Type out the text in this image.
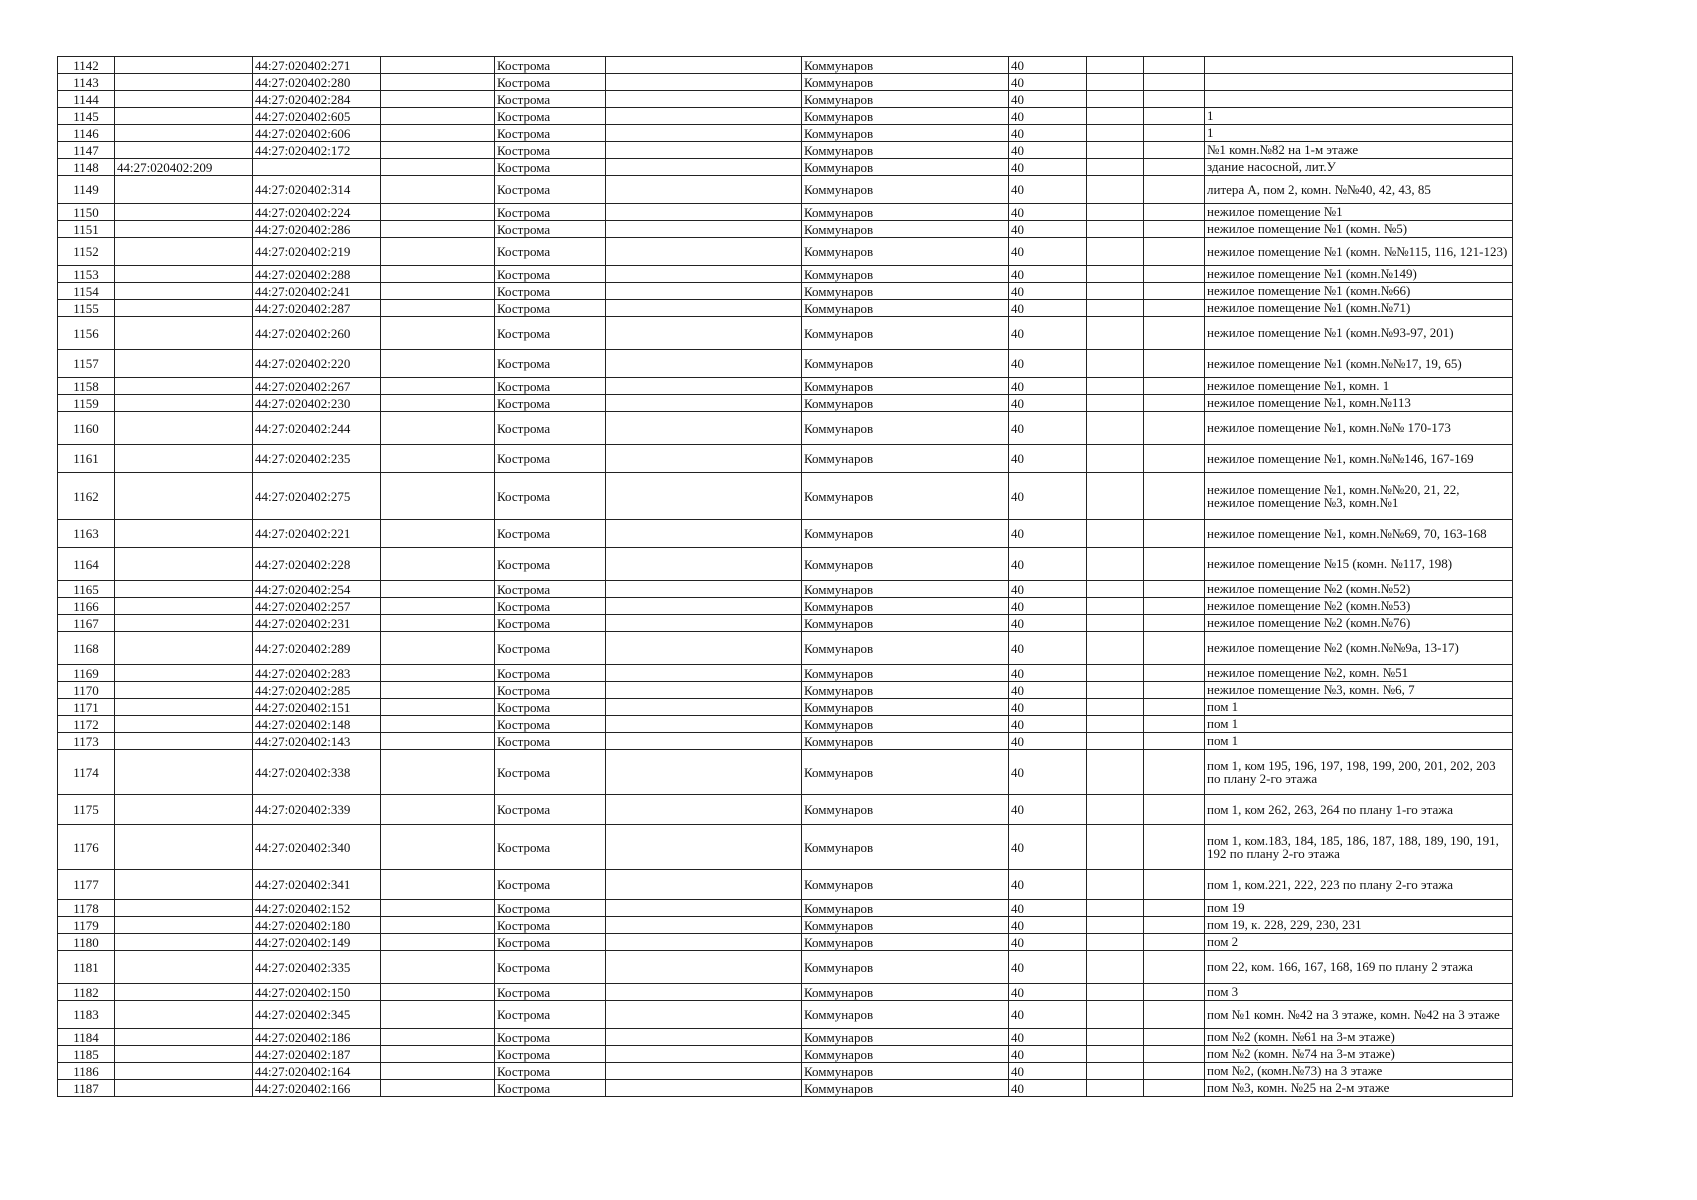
1142		44:27:020402:271		Кострома		Коммунаров	40			
1143		44:27:020402:280		Кострома		Коммунаров	40			
1144		44:27:020402:284		Кострома		Коммунаров	40			
1145		44:27:020402:605		Кострома		Коммунаров	40			1
1146		44:27:020402:606		Кострома		Коммунаров	40			1
1147		44:27:020402:172		Кострома		Коммунаров	40			№1 комн.№82 на 1-м этаже
1148	44:27:020402:209			Кострома		Коммунаров	40			здание насосной, лит.У
1149		44:27:020402:314		Кострома		Коммунаров	40			литера А, пом 2, комн. №№40, 42, 43, 85
1150		44:27:020402:224		Кострома		Коммунаров	40			нежилое помещение №1
1151		44:27:020402:286		Кострома		Коммунаров	40			нежилое помещение №1 (комн. №5)
1152		44:27:020402:219		Кострома		Коммунаров	40			нежилое помещение №1 (комн. №№115, 116, 121-123)
1153		44:27:020402:288		Кострома		Коммунаров	40			нежилое помещение №1 (комн.№149)
1154		44:27:020402:241		Кострома		Коммунаров	40			нежилое помещение №1 (комн.№66)
1155		44:27:020402:287		Кострома		Коммунаров	40			нежилое помещение №1 (комн.№71)
1156		44:27:020402:260		Кострома		Коммунаров	40			нежилое помещение №1 (комн.№93-97, 201)
1157		44:27:020402:220		Кострома		Коммунаров	40			нежилое помещение №1 (комн.№№17, 19, 65)
1158		44:27:020402:267		Кострома		Коммунаров	40			нежилое помещение №1, комн. 1
1159		44:27:020402:230		Кострома		Коммунаров	40			нежилое помещение №1, комн.№113
1160		44:27:020402:244		Кострома		Коммунаров	40			нежилое помещение №1, комн.№№ 170-173
1161		44:27:020402:235		Кострома		Коммунаров	40			нежилое помещение №1, комн.№№146, 167-169
1162		44:27:020402:275		Кострома		Коммунаров	40			нежилое помещение №1, комн.№№20, 21, 22, нежилое помещение №3, комн.№1
1163		44:27:020402:221		Кострома		Коммунаров	40			нежилое помещение №1, комн.№№69, 70, 163-168
1164		44:27:020402:228		Кострома		Коммунаров	40			нежилое помещение №15 (комн. №117, 198)
1165		44:27:020402:254		Кострома		Коммунаров	40			нежилое помещение №2 (комн.№52)
1166		44:27:020402:257		Кострома		Коммунаров	40			нежилое помещение №2 (комн.№53)
1167		44:27:020402:231		Кострома		Коммунаров	40			нежилое помещение №2 (комн.№76)
1168		44:27:020402:289		Кострома		Коммунаров	40			нежилое помещение №2 (комн.№№9а, 13-17)
1169		44:27:020402:283		Кострома		Коммунаров	40			нежилое помещение №2, комн. №51
1170		44:27:020402:285		Кострома		Коммунаров	40			нежилое помещение №3, комн. №6, 7
1171		44:27:020402:151		Кострома		Коммунаров	40			пом 1
1172		44:27:020402:148		Кострома		Коммунаров	40			пом 1
1173		44:27:020402:143		Кострома		Коммунаров	40			пом 1
1174		44:27:020402:338		Кострома		Коммунаров	40			пом 1, ком 195, 196, 197, 198, 199, 200, 201, 202, 203 по плану 2-го этажа
1175		44:27:020402:339		Кострома		Коммунаров	40			пом 1, ком 262, 263, 264 по плану 1-го этажа
1176		44:27:020402:340		Кострома		Коммунаров	40			пом 1, ком.183, 184, 185, 186, 187, 188, 189, 190, 191, 192 по плану 2-го этажа
1177		44:27:020402:341		Кострома		Коммунаров	40			пом 1, ком.221, 222, 223 по плану 2-го этажа
1178		44:27:020402:152		Кострома		Коммунаров	40			пом 19
1179		44:27:020402:180		Кострома		Коммунаров	40			пом 19, к. 228, 229, 230, 231
1180		44:27:020402:149		Кострома		Коммунаров	40			пом 2
1181		44:27:020402:335		Кострома		Коммунаров	40			пом 22, ком. 166, 167, 168, 169 по плану 2 этажа
1182		44:27:020402:150		Кострома		Коммунаров	40			пом 3
1183		44:27:020402:345		Кострома		Коммунаров	40			пом №1 комн. №42 на 3 этаже, комн. №42 на 3 этаже
1184		44:27:020402:186		Кострома		Коммунаров	40			пом №2 (комн. №61 на 3-м этаже)
1185		44:27:020402:187		Кострома		Коммунаров	40			пом №2 (комн. №74 на 3-м этаже)
1186		44:27:020402:164		Кострома		Коммунаров	40			пом №2, (комн.№73) на 3 этаже
1187		44:27:020402:166		Кострома		Коммунаров	40			пом №3, комн. №25 на 2-м этаже
